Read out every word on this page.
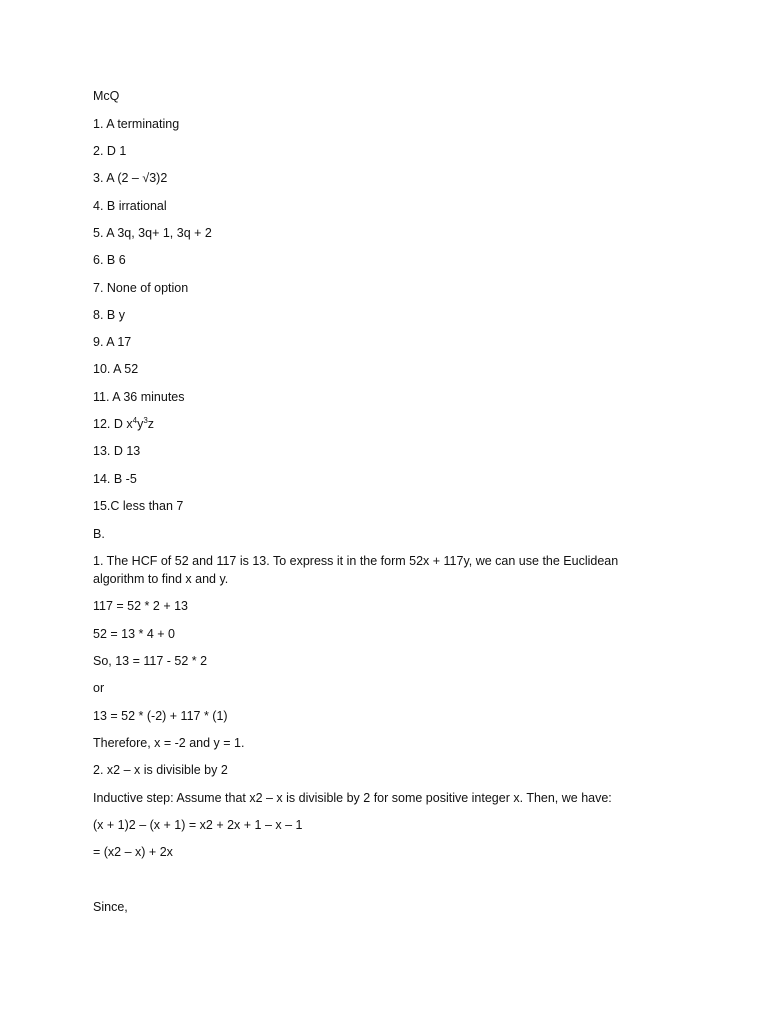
McQ
1. A terminating
2. D 1
3. A (2 – √3)2
4. B irrational
5. A 3q, 3q+ 1, 3q + 2
6. B 6
7. None of option
8. B y
9. A 17
10. A 52
11. A 36 minutes
12. D $x^4y^3z$
13. D 13
14. B -5
15.C less than 7
B.
1. The HCF of 52 and 117 is 13. To express it in the form 52x + 117y, we can use the Euclidean algorithm to find x and y.
117 = 52 * 2 + 13
52 = 13 * 4 + 0
So, 13 = 117 - 52 * 2
or
13 = 52 * (-2) + 117 * (1)
Therefore, x = -2 and y = 1.
2. x2 – x is divisible by 2
Inductive step: Assume that x2 – x is divisible by 2 for some positive integer x. Then, we have:
(x + 1)2 – (x + 1) = x2 + 2x + 1 – x – 1
= (x2 – x) + 2x
Since,
